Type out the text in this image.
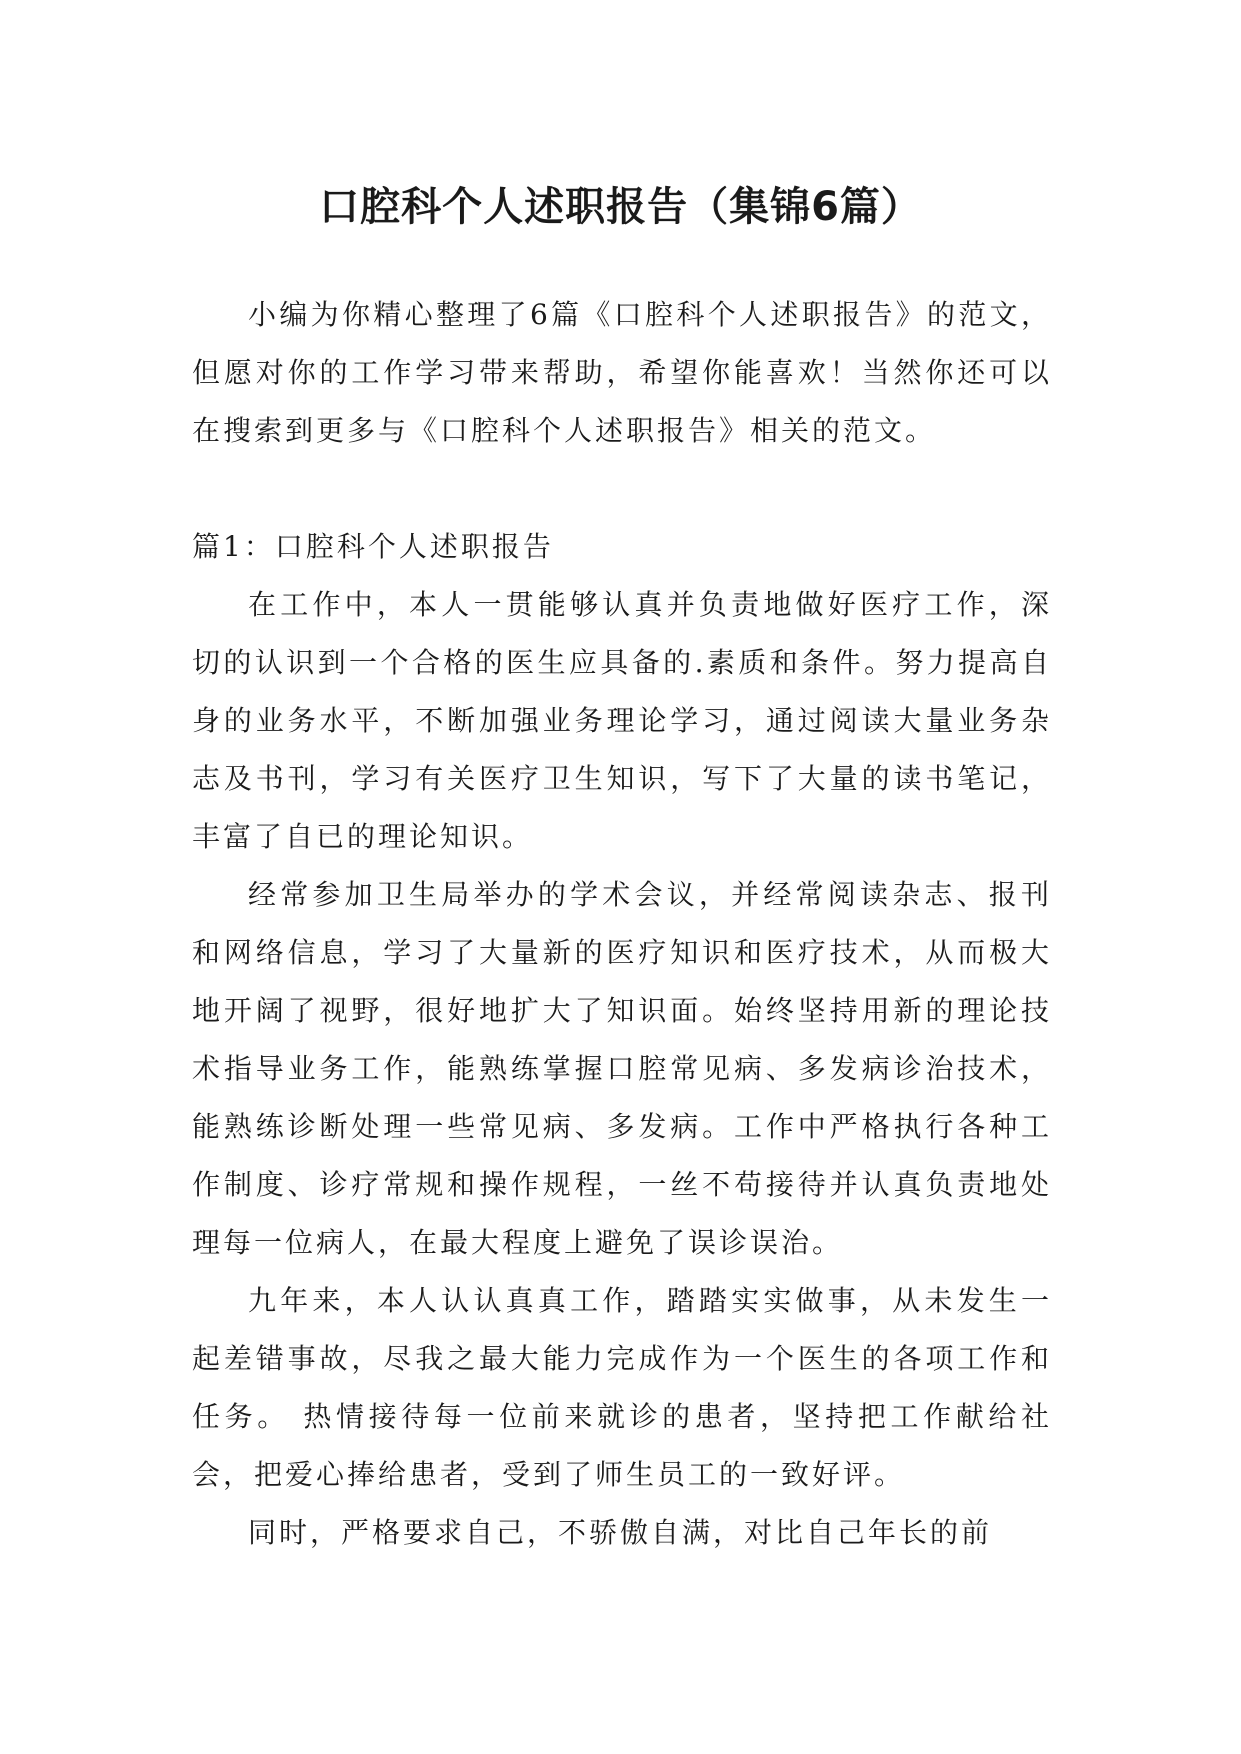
口腔科个人述职报告（集锦6篇）

小编为你精心整理了6篇《口腔科个人述职报告》的范文，但愿对你的工作学习带来帮助，希望你能喜欢！当然你还可以在搜索到更多与《口腔科个人述职报告》相关的范文。

篇1：口腔科个人述职报告

在工作中，本人一贯能够认真并负责地做好医疗工作，深切的认识到一个合格的医生应具备的.素质和条件。努力提高自身的业务水平，不断加强业务理论学习，通过阅读大量业务杂志及书刊，学习有关医疗卫生知识，写下了大量的读书笔记，丰富了自已的理论知识。

经常参加卫生局举办的学术会议，并经常阅读杂志、报刊和网络信息，学习了大量新的医疗知识和医疗技术，从而极大地开阔了视野，很好地扩大了知识面。始终坚持用新的理论技术指导业务工作，能熟练掌握口腔常见病、多发病诊治技术，能熟练诊断处理一些常见病、多发病。工作中严格执行各种工作制度、诊疗常规和操作规程，一丝不苟接待并认真负责地处理每一位病人，在最大程度上避免了误诊误治。

九年来，本人认认真真工作，踏踏实实做事，从未发生一起差错事故，尽我之最大能力完成作为一个医生的各项工作和任务。 热情接待每一位前来就诊的患者，坚持把工作献给社会，把爱心捧给患者，受到了师生员工的一致好评。

同时，严格要求自己，不骄傲自满，对比自己年长的前
